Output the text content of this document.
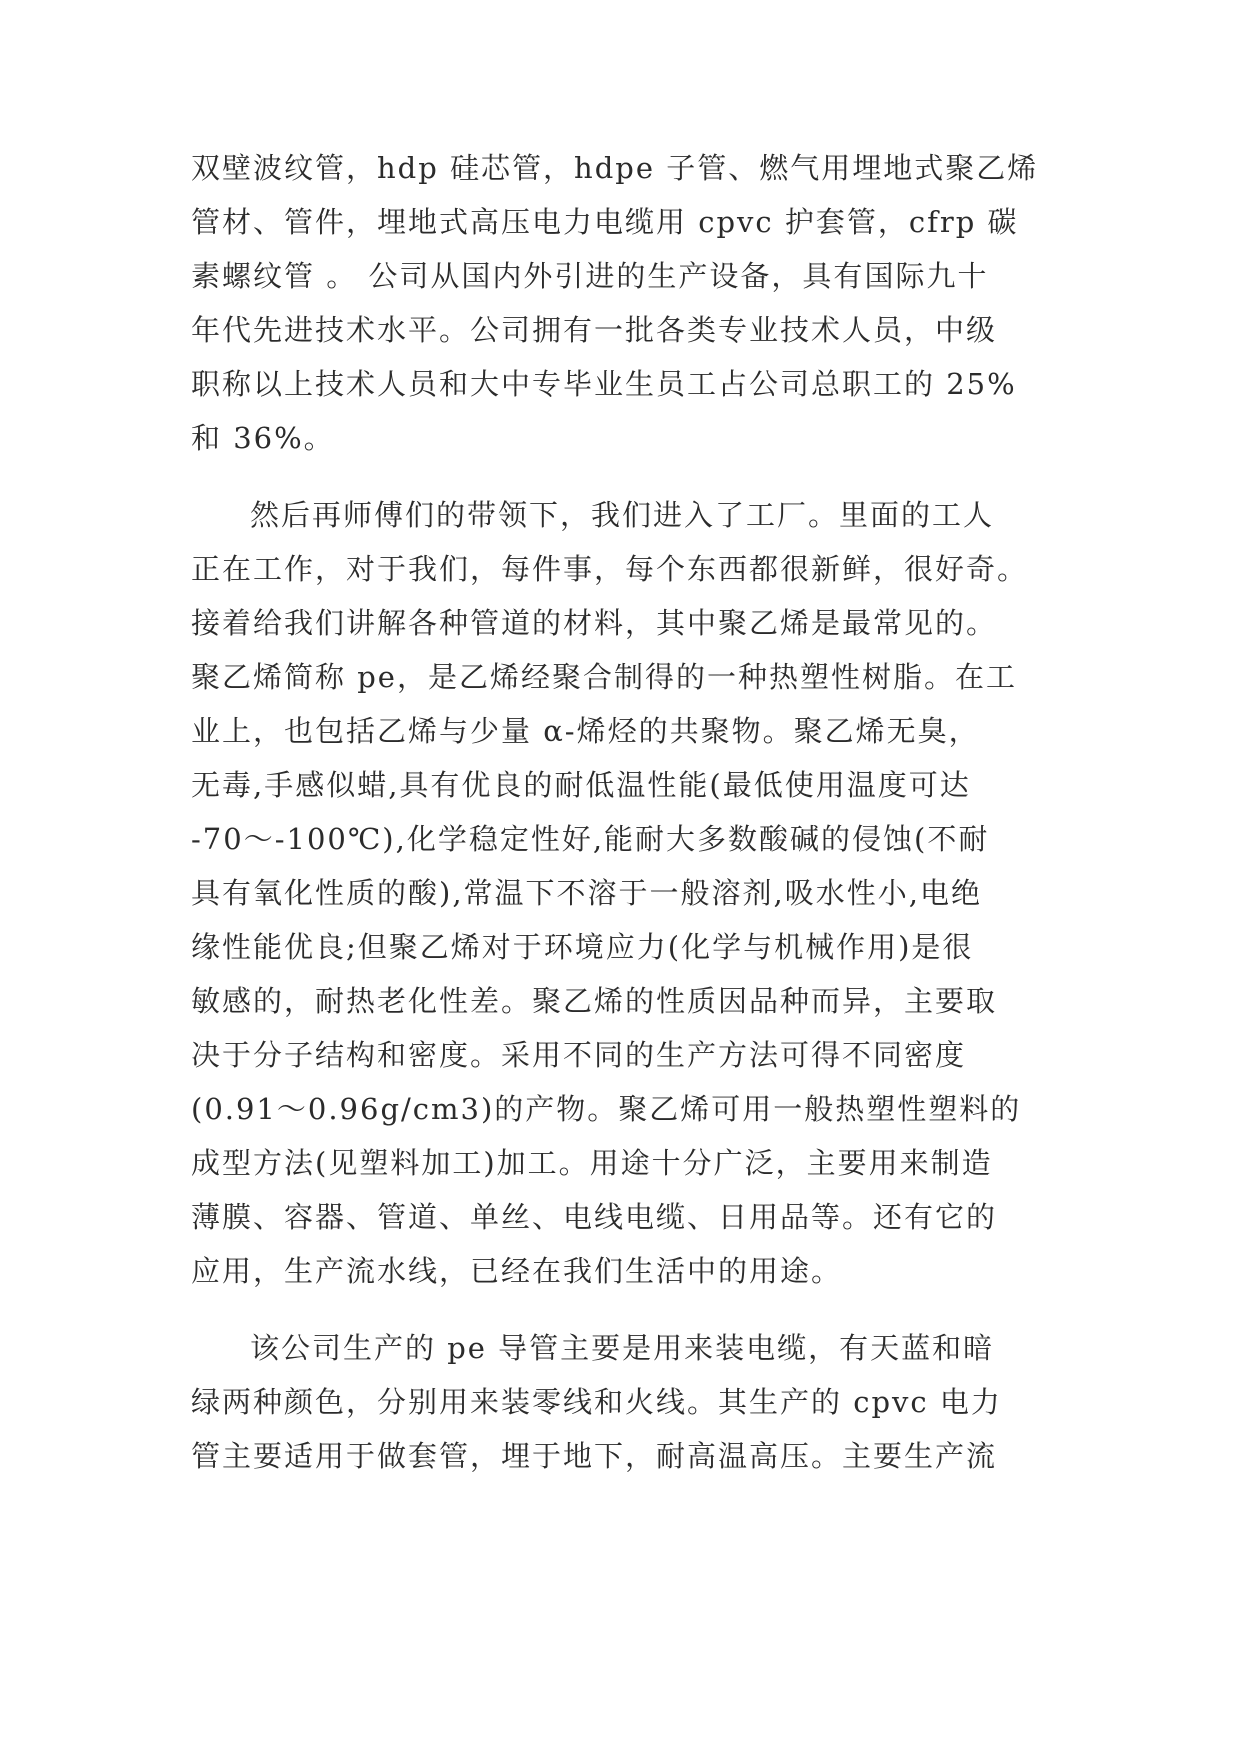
双壁波纹管，hdp 硅芯管，hdpe 子管、燃气用埋地式聚乙烯
管材、管件，埋地式高压电力电缆用 cpvc 护套管，cfrp 碳
素螺纹管 。 公司从国内外引进的生产设备，具有国际九十
年代先进技术水平。公司拥有一批各类专业技术人员，中级
职称以上技术人员和大中专毕业生员工占公司总职工的 25%
和 36%。
然后再师傅们的带领下，我们进入了工厂。里面的工人
正在工作，对于我们，每件事，每个东西都很新鲜，很好奇。
接着给我们讲解各种管道的材料，其中聚乙烯是最常见的。
聚乙烯简称 pe，是乙烯经聚合制得的一种热塑性树脂。在工
业上，也包括乙烯与少量 α-烯烃的共聚物。聚乙烯无臭，
无毒,手感似蜡,具有优良的耐低温性能(最低使用温度可达
-70～-100℃),化学稳定性好,能耐大多数酸碱的侵蚀(不耐
具有氧化性质的酸),常温下不溶于一般溶剂,吸水性小,电绝
缘性能优良;但聚乙烯对于环境应力(化学与机械作用)是很
敏感的，耐热老化性差。聚乙烯的性质因品种而异，主要取
决于分子结构和密度。采用不同的生产方法可得不同密度
(0.91～0.96g/cm3)的产物。聚乙烯可用一般热塑性塑料的
成型方法(见塑料加工)加工。用途十分广泛，主要用来制造
薄膜、容器、管道、单丝、电线电缆、日用品等。还有它的
应用，生产流水线，已经在我们生活中的用途。
该公司生产的 pe 导管主要是用来装电缆，有天蓝和暗
绿两种颜色，分别用来装零线和火线。其生产的 cpvc 电力
管主要适用于做套管，埋于地下，耐高温高压。主要生产流
